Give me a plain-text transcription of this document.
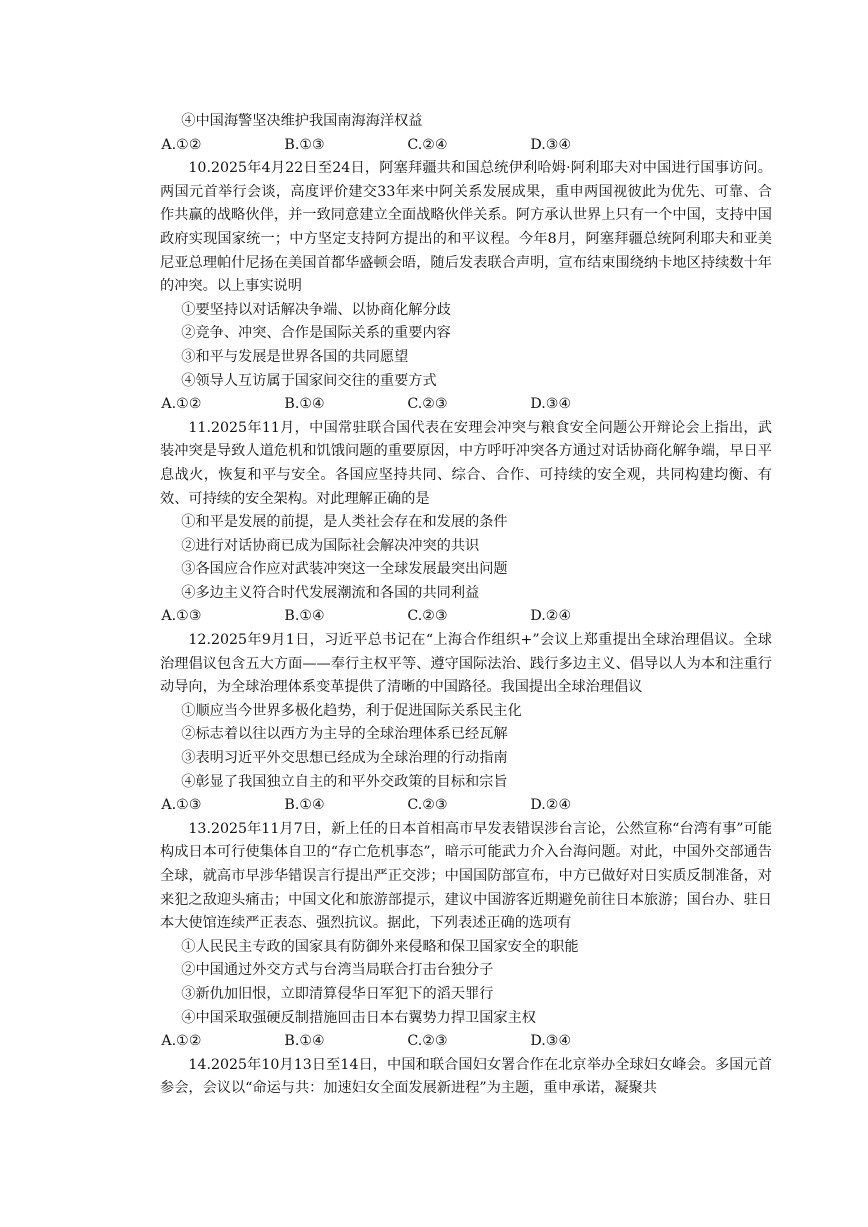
④中国海警坚决维护我国南海海洋权益

A.①②	B.①③	C.②④	D.③④

10.2025年4月22日至24日，阿塞拜疆共和国总统伊利哈姆·阿利耶夫对中国进行国事访问。两国元首举行会谈，高度评价建交33年来中阿关系发展成果，重申两国视彼此为优先、可靠、合作共赢的战略伙伴，并一致同意建立全面战略伙伴关系。阿方承认世界上只有一个中国，支持中国政府实现国家统一；中方坚定支持阿方提出的和平议程。今年8月，阿塞拜疆总统阿利耶夫和亚美尼亚总理帕什尼扬在美国首都华盛顿会晤，随后发表联合声明，宣布结束围绕纳卡地区持续数十年的冲突。以上事实说明

①要坚持以对话解决争端、以协商化解分歧

②竞争、冲突、合作是国际关系的重要内容

③和平与发展是世界各国的共同愿望

④领导人互访属于国家间交往的重要方式

A.①②	B.①④	C.②③	D.③④

11.2025年11月，中国常驻联合国代表在安理会冲突与粮食安全问题公开辩论会上指出，武装冲突是导致人道危机和饥饿问题的重要原因，中方呼吁冲突各方通过对话协商化解争端，早日平息战火，恢复和平与安全。各国应坚持共同、综合、合作、可持续的安全观，共同构建均衡、有效、可持续的安全架构。对此理解正确的是

①和平是发展的前提，是人类社会存在和发展的条件

②进行对话协商已成为国际社会解决冲突的共识

③各国应合作应对武装冲突这一全球发展最突出问题

④多边主义符合时代发展潮流和各国的共同利益

A.①③	B.①④	C.②③	D.②④

12.2025年9月1日，习近平总书记在“上海合作组织+”会议上郑重提出全球治理倡议。全球治理倡议包含五大方面——奉行主权平等、遵守国际法治、践行多边主义、倡导以人为本和注重行动导向，为全球治理体系变革提供了清晰的中国路径。我国提出全球治理倡议

①顺应当今世界多极化趋势，利于促进国际关系民主化

②标志着以往以西方为主导的全球治理体系已经瓦解

③表明习近平外交思想已经成为全球治理的行动指南

④彰显了我国独立自主的和平外交政策的目标和宗旨

A.①③	B.①④	C.②③	D.②④

13.2025年11月7日，新上任的日本首相高市早发表错误涉台言论，公然宣称“台湾有事”可能构成日本可行使集体自卫的“存亡危机事态”，暗示可能武力介入台海问题。对此，中国外交部通告全球，就高市早涉华错误言行提出严正交涉；中国国防部宣布，中方已做好对日实质反制准备，对来犯之敌迎头痛击；中国文化和旅游部提示，建议中国游客近期避免前往日本旅游；国台办、驻日本大使馆连续严正表态、强烈抗议。据此，下列表述正确的选项有

①人民民主专政的国家具有防御外来侵略和保卫国家安全的职能

②中国通过外交方式与台湾当局联合打击台独分子

③新仇加旧恨，立即清算侵华日军犯下的滔天罪行

④中国采取强硬反制措施回击日本右翼势力捍卫国家主权

A.①②	B.①④	C.②③	D.③④

14.2025年10月13日至14日，中国和联合国妇女署合作在北京举办全球妇女峰会。多国元首参会，会议以“命运与共：加速妇女全面发展新进程”为主题，重申承诺，凝聚共
